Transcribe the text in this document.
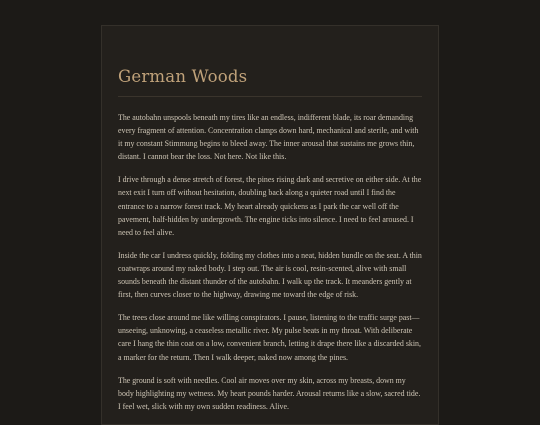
German Woods

The autobahn unspools beneath my tires like an endless, indifferent blade, its roar demanding every fragment of attention. Concentration clamps down hard, mechanical and sterile, and with it my constant Stimmung begins to bleed away. The inner arousal that sustains me grows thin, distant. I cannot bear the loss. Not here. Not like this.

I drive through a dense stretch of forest, the pines rising dark and secretive on either side. At the next exit I turn off without hesitation, doubling back along a quieter road until I find the entrance to a narrow forest track. My heart already quickens as I park the car well off the pavement, half-hidden by undergrowth. The engine ticks into silence. I need to feel aroused. I need to feel alive.

Inside the car I undress quickly, folding my clothes into a neat, hidden bundle on the seat. A thin coatwraps around my naked body. I step out. The air is cool, resin-scented, alive with small sounds beneath the distant thunder of the autobahn. I walk up the track. It meanders gently at first, then curves closer to the highway, drawing me toward the edge of risk.

The trees close around me like willing conspirators. I pause, listening to the traffic surge past—unseeing, unknowing, a ceaseless metallic river. My pulse beats in my throat. With deliberate care I hang the thin coat on a low, convenient branch, letting it drape there like a discarded skin, a marker for the return. Then I walk deeper, naked now among the pines.

The ground is soft with needles. Cool air moves over my skin, across my breasts, down my body highlighting my wetness. My heart pounds harder. Arousal returns like a slow, sacred tide. I feel wet, slick with my own sudden readiness. Alive.
